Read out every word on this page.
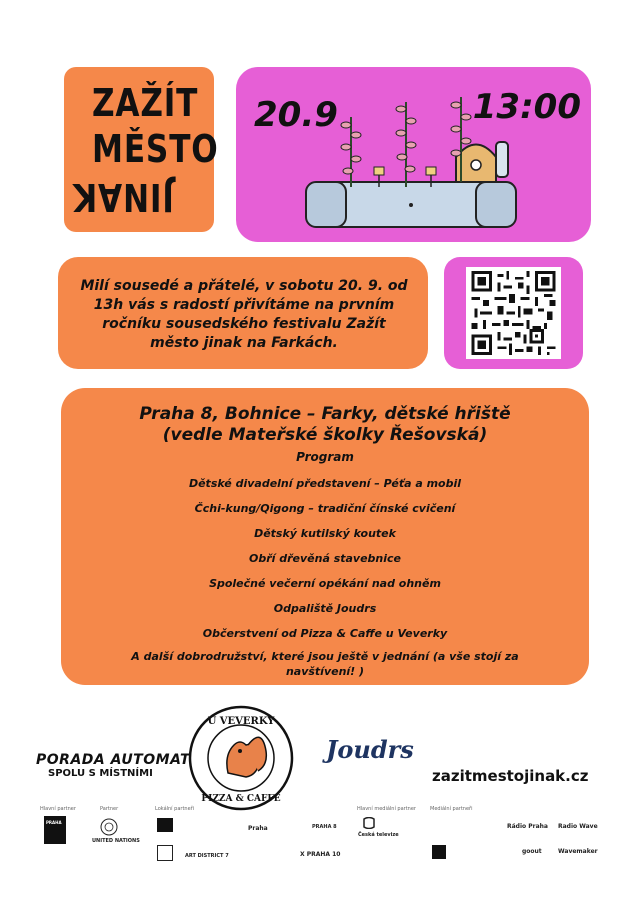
ZAŽÍT
MĚSTO
JINAK
20.9	13:00

Milí sousedé a přátelé, v sobotu 20. 9. od 13h vás s radostí přivítáme na prvním ročníku sousedského festivalu Zažít město jinak na Farkách.

Praha 8, Bohnice – Farky, dětské hřiště
(vedle Mateřské školky Řešovská)
Program
Dětské divadelní představení – Péťa a mobil
Čchi-kung/Qigong – tradiční čínské cvičení
Dětský kutilský koutek
Obří dřevěná stavebnice
Společné večerní opékání nad ohněm
Odpaliště Joudrs
Občerstvení od Pizza & Caffe u Veverky

A další dobrodružství, které jsou ještě v jednání (a vše stojí za navštívení! )

PORADA AUTOMAT
SPOLU S MÍSTNÍMI
U VEVERKY
PIZZA & CAFFE
Joudrs
zazitmestojinak.cz
Hlavní partner	Partner	Lokální partneři	Hlavní mediální partner	Mediální partneři
PRAHA
UNITED NATIONS
Praha	PRAHA 8
ART DISTRICT 7	X PRAHA 10
Česká televize
Rádio Praha Radio Wave
goout	Wavemaker
